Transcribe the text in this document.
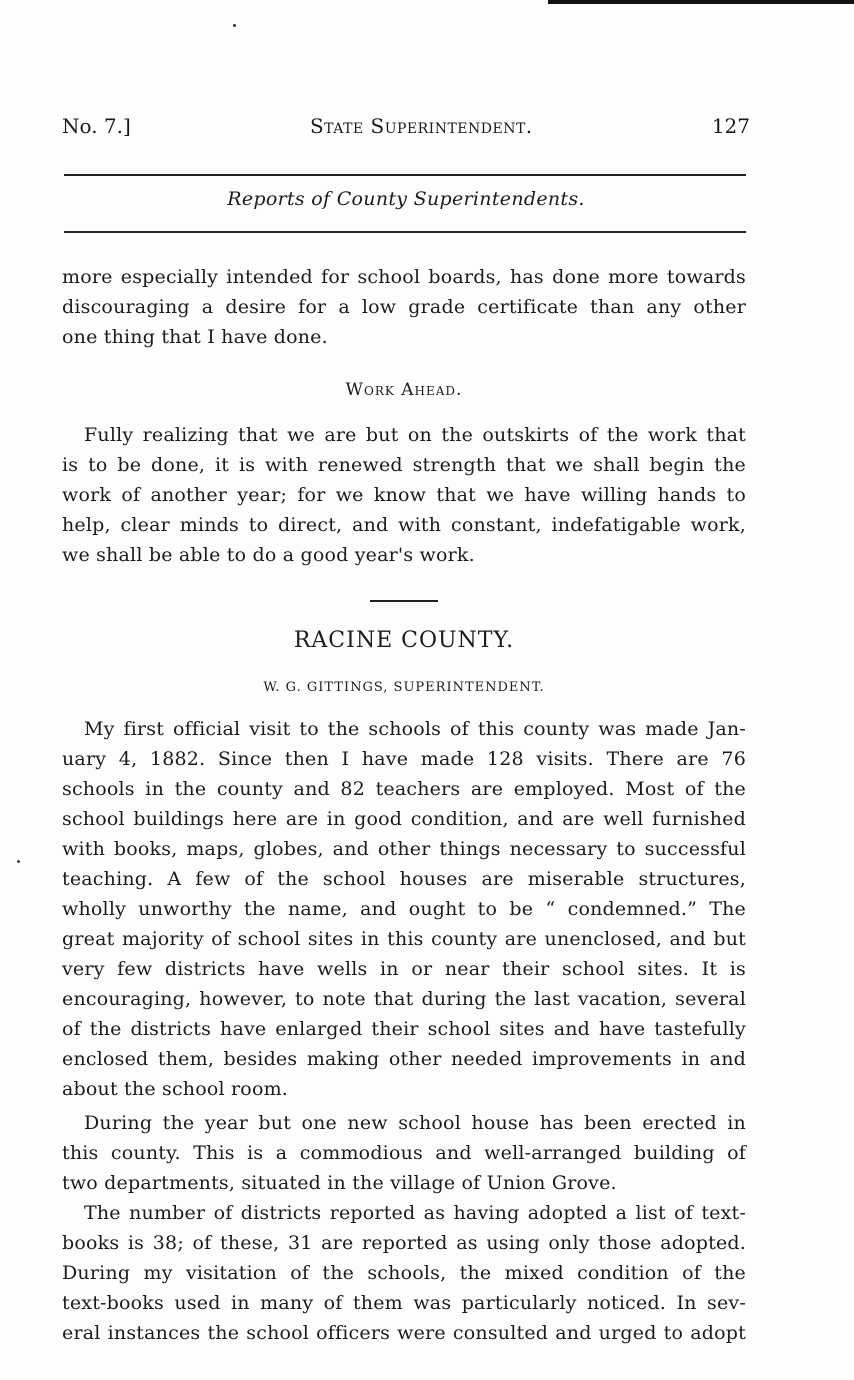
No. 7.]	State Superintendent.	127
Reports of County Superintendents.
more especially intended for school boards, has done more towards
discouraging a desire for a low grade certificate than any other
one thing that I have done.
Work Ahead.
Fully realizing that we are but on the outskirts of the work that
is to be done, it is with renewed strength that we shall begin the
work of another year; for we know that we have willing hands to
help, clear minds to direct, and with constant, indefatigable work,
we shall be able to do a good year's work.
RACINE COUNTY.
W. G. GITTINGS, SUPERINTENDENT.
My first official visit to the schools of this county was made Jan-
uary 4, 1882. Since then I have made 128 visits. There are 76
schools in the county and 82 teachers are employed. Most of the
school buildings here are in good condition, and are well furnished
with books, maps, globes, and other things necessary to successful
teaching. A few of the school houses are miserable structures,
wholly unworthy the name, and ought to be “ condemned.” The
great majority of school sites in this county are unenclosed, and but
very few districts have wells in or near their school sites. It is
encouraging, however, to note that during the last vacation, several
of the districts have enlarged their school sites and have tastefully
enclosed them, besides making other needed improvements in and
about the school room.
During the year but one new school house has been erected in
this county. This is a commodious and well-arranged building of
two departments, situated in the village of Union Grove.
The number of districts reported as having adopted a list of text-
books is 38; of these, 31 are reported as using only those adopted.
During my visitation of the schools, the mixed condition of the
text-books used in many of them was particularly noticed. In sev-
eral instances the school officers were consulted and urged to adopt
